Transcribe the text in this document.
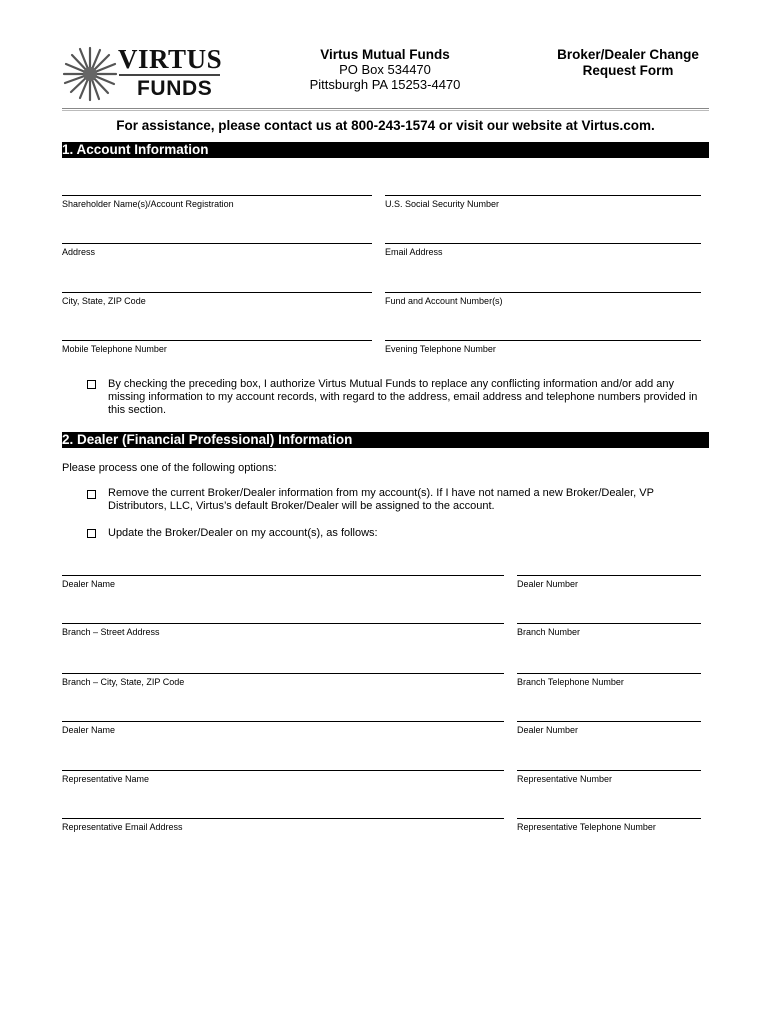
VIRTUS
FUNDS
Virtus Mutual Funds
PO Box 534470
Pittsburgh PA 15253-4470
Broker/Dealer Change
Request Form
For assistance, please contact us at 800-243-1574 or visit our website at Virtus.com.
1. Account Information
Shareholder Name(s)/Account Registration	U.S. Social Security Number
Address	Email Address
City, State, ZIP Code	Fund and Account Number(s)
Mobile Telephone Number	Evening Telephone Number
By checking the preceding box, I authorize Virtus Mutual Funds to replace any conflicting information and/or add any missing information to my account records, with regard to the address, email address and telephone numbers provided in this section.
2. Dealer (Financial Professional) Information
Please process one of the following options:
Remove the current Broker/Dealer information from my account(s). If I have not named a new Broker/Dealer, VP Distributors, LLC, Virtus’s default Broker/Dealer will be assigned to the account.
Update the Broker/Dealer on my account(s), as follows:
Dealer Name	Dealer Number
Branch – Street Address	Branch Number
Branch – City, State, ZIP Code	Branch Telephone Number
Dealer Name	Dealer Number
Representative Name	Representative Number
Representative Email Address	Representative Telephone Number
